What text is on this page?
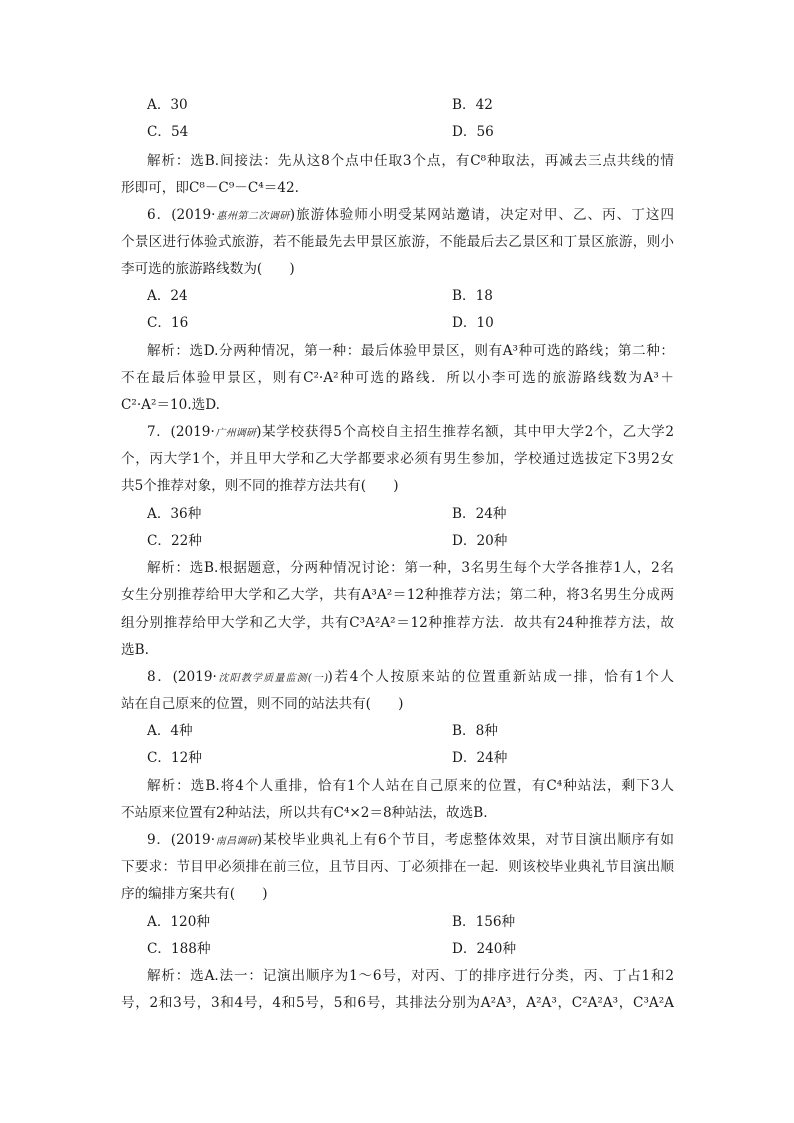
A．30	B．42
C．54	D．56
解析：选B.间接法：先从这8个点中任取3个点，有C⁸种取法，再减去三点共线的情
形即可，即C⁸－C⁹－C⁴＝42.
6．(2019·惠州第二次调研)旅游体验师小明受某网站邀请，决定对甲、乙、丙、丁这四
个景区进行体验式旅游，若不能最先去甲景区旅游，不能最后去乙景区和丁景区旅游，则小
李可选的旅游路线数为(　　)
A．24	B．18
C．16	D．10
解析：选D.分两种情况，第一种：最后体验甲景区，则有A³种可选的路线；第二种：
不在最后体验甲景区，则有C²·A²种可选的路线．所以小李可选的旅游路线数为A³＋
C²·A²＝10.选D.
7．(2019·广州调研)某学校获得5个高校自主招生推荐名额，其中甲大学2个，乙大学2
个，丙大学1个，并且甲大学和乙大学都要求必须有男生参加，学校通过选拔定下3男2女
共5个推荐对象，则不同的推荐方法共有(　　)
A．36种	B．24种
C．22种	D．20种
解析：选B.根据题意，分两种情况讨论：第一种，3名男生每个大学各推荐1人，2名
女生分别推荐给甲大学和乙大学，共有A³A²＝12种推荐方法；第二种，将3名男生分成两
组分别推荐给甲大学和乙大学，共有C³A²A²＝12种推荐方法．故共有24种推荐方法，故
选B.
8．(2019·沈阳教学质量监测(一))若4个人按原来站的位置重新站成一排，恰有1个人
站在自己原来的位置，则不同的站法共有(　　)
A．4种	B．8种
C．12种	D．24种
解析：选B.将4个人重排，恰有1个人站在自己原来的位置，有C⁴种站法，剩下3人
不站原来位置有2种站法，所以共有C⁴×2＝8种站法，故选B.
9．(2019·南昌调研)某校毕业典礼上有6个节目，考虑整体效果，对节目演出顺序有如
下要求：节目甲必须排在前三位，且节目丙、丁必须排在一起．则该校毕业典礼节目演出顺
序的编排方案共有(　　)
A．120种	B．156种
C．188种	D．240种
解析：选A.法一：记演出顺序为1～6号，对丙、丁的排序进行分类，丙、丁占1和2
号，2和3号，3和4号，4和5号，5和6号，其排法分别为A²A³，A²A³，C²A²A³，C³A²A
